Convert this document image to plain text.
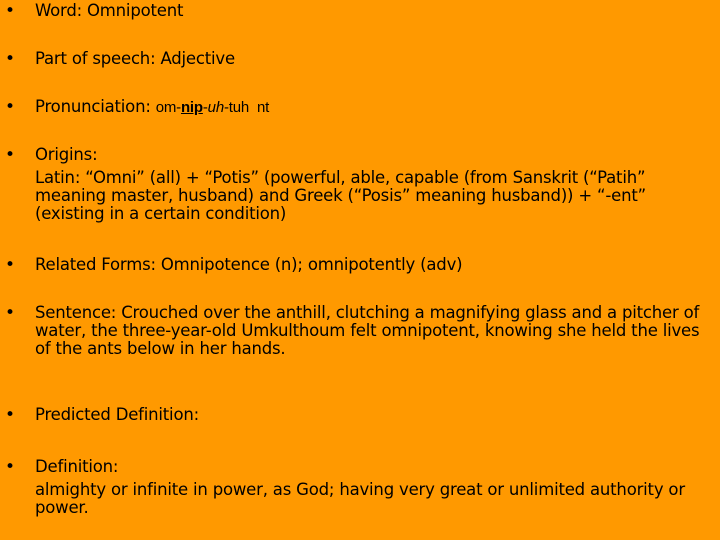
• Word: Omnipotent
• Part of speech: Adjective
• Pronunciation: om-nip-uh-tuh nt
• Origins:
Latin: “Omni” (all) + “Potis” (powerful, able, capable (from Sanskrit (“Patih” meaning master, husband) and Greek (“Posis” meaning husband)) + “-ent” (existing in a certain condition)
• Related Forms: Omnipotence (n); omnipotently (adv)
• Sentence: Crouched over the anthill, clutching a magnifying glass and a pitcher of water, the three-year-old Umkulthoum felt omnipotent, knowing she held the lives of the ants below in her hands.
• Predicted Definition:
• Definition:
almighty or infinite in power, as God; having very great or unlimited authority or power.
